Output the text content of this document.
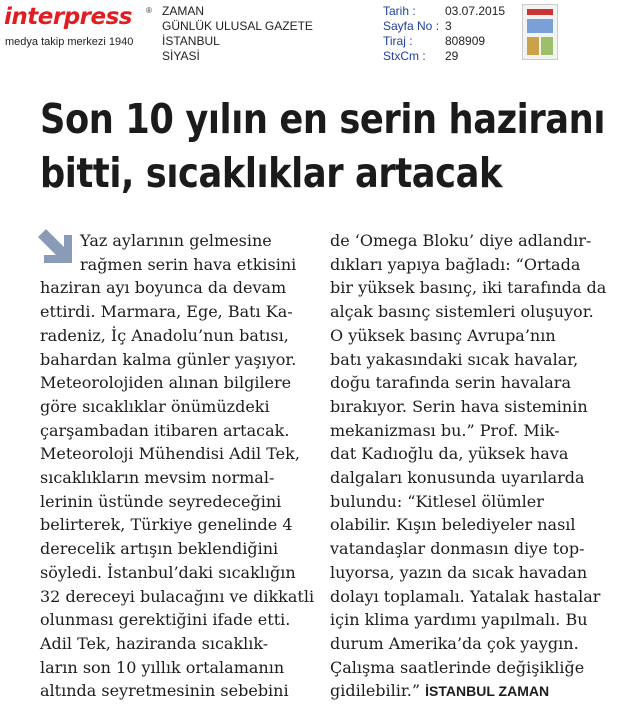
interpress ®
medya takip merkezi 1940
ZAMAN
GÜNLÜK ULUSAL GAZETE
İSTANBUL
SİYASİ
Tarih :	03.07.2015
Sayfa No : 3
Tiraj :	808909
StxCm :	29
Son 10 yılın en serin haziranı
bitti, sıcaklıklar artacak
Yaz aylarının gelmesine
rağmen serin hava etkisini
haziran ayı boyunca da devam
ettirdi. Marmara, Ege, Batı Ka-
radeniz, İç Anadolu’nun batısı,
bahardan kalma günler yaşıyor.
Meteorolojiden alınan bilgilere
göre sıcaklıklar önümüzdeki
çarşambadan itibaren artacak.
Meteoroloji Mühendisi Adil Tek,
sıcaklıkların mevsim normal-
lerinin üstünde seyredeceğini
belirterek, Türkiye genelinde 4
derecelik artışın beklendiğini
söyledi. İstanbul’daki sıcaklığın
32 dereceyi bulacağını ve dikkatli
olunması gerektiğini ifade etti.
Adil Tek, haziranda sıcaklık-
ların son 10 yıllık ortalamanın
altında seyretmesinin sebebini
de ‘Omega Bloku’ diye adlandır-
dıkları yapıya bağladı: “Ortada
bir yüksek basınç, iki tarafında da
alçak basınç sistemleri oluşuyor.
O yüksek basınç Avrupa’nın
batı yakasındaki sıcak havalar,
doğu tarafında serin havalara
bırakıyor. Serin hava sisteminin
mekanizması bu.” Prof. Mik-
dat Kadıoğlu da, yüksek hava
dalgaları konusunda uyarılarda
bulundu: “Kitlesel ölümler
olabilir. Kışın belediyeler nasıl
vatandaşlar donmasın diye top-
luyorsa, yazın da sıcak havadan
dolayı toplamalı. Yatalak hastalar
için klima yardımı yapılmalı. Bu
durum Amerika’da çok yaygın.
Çalışma saatlerinde değişikliğe
gidilebilir.” İSTANBUL ZAMAN
